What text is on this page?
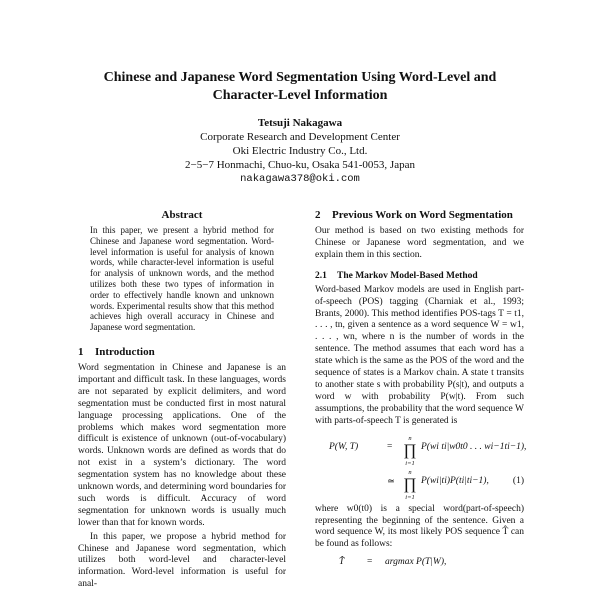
Chinese and Japanese Word Segmentation Using Word-Level and Character-Level Information
Tetsuji Nakagawa
Corporate Research and Development Center
Oki Electric Industry Co., Ltd.
2−5−7 Honmachi, Chuo-ku, Osaka 541-0053, Japan
nakagawa378@oki.com
Abstract

In this paper, we present a hybrid method for Chinese and Japanese word segmentation. Word-level information is useful for analysis of known words, while character-level information is useful for analysis of unknown words, and the method utilizes both these two types of information in order to effectively handle known and unknown words. Experimental results show that this method achieves high overall accuracy in Chinese and Japanese word segmentation.

1 Introduction

Word segmentation in Chinese and Japanese is an important and difficult task. In these languages, words are not separated by explicit delimiters, and word segmentation must be conducted first in most natural language processing applications. One of the problems which makes word segmentation more difficult is existence of unknown (out-of-vocabulary) words. Unknown words are defined as words that do not exist in a system’s dictionary. The word segmentation system has no knowledge about these unknown words, and determining word boundaries for such words is difficult. Accuracy of word segmentation for unknown words is usually much lower than that for known words.

In this paper, we propose a hybrid method for Chinese and Japanese word segmentation, which utilizes both word-level and character-level information. Word-level information is useful for anal-

2 Previous Work on Word Segmentation

Our method is based on two existing methods for Chinese or Japanese word segmentation, and we explain them in this section.

2.1 The Markov Model-Based Method

Word-based Markov models are used in English part-of-speech (POS) tagging (Charniak et al., 1993; Brants, 2000). This method identifies POS-tags T = t1, . . . , tn, given a sentence as a word sequence W = w1, . . . , wn, where n is the number of words in the sentence. The method assumes that each word has a state which is the same as the POS of the word and the sequence of states is a Markov chain. A state t transits to another state s with probability P(s|t), and outputs a word w with probability P(w|t). From such assumptions, the probability that the word sequence W with parts-of-speech T is generated is

P(W, T)	=
n
∏
i=1
P(wi ti|w0t0 . . . wi−1ti−1),
≃
n
∏
i=1
P(wi|ti)P(ti|ti−1),	(1)

where w0(t0) is a special word(part-of-speech) representing the beginning of the sentence. Given a word sequence W, its most likely POS sequence T̂ can be found as follows:

T̂ = argmax P(T|W),
